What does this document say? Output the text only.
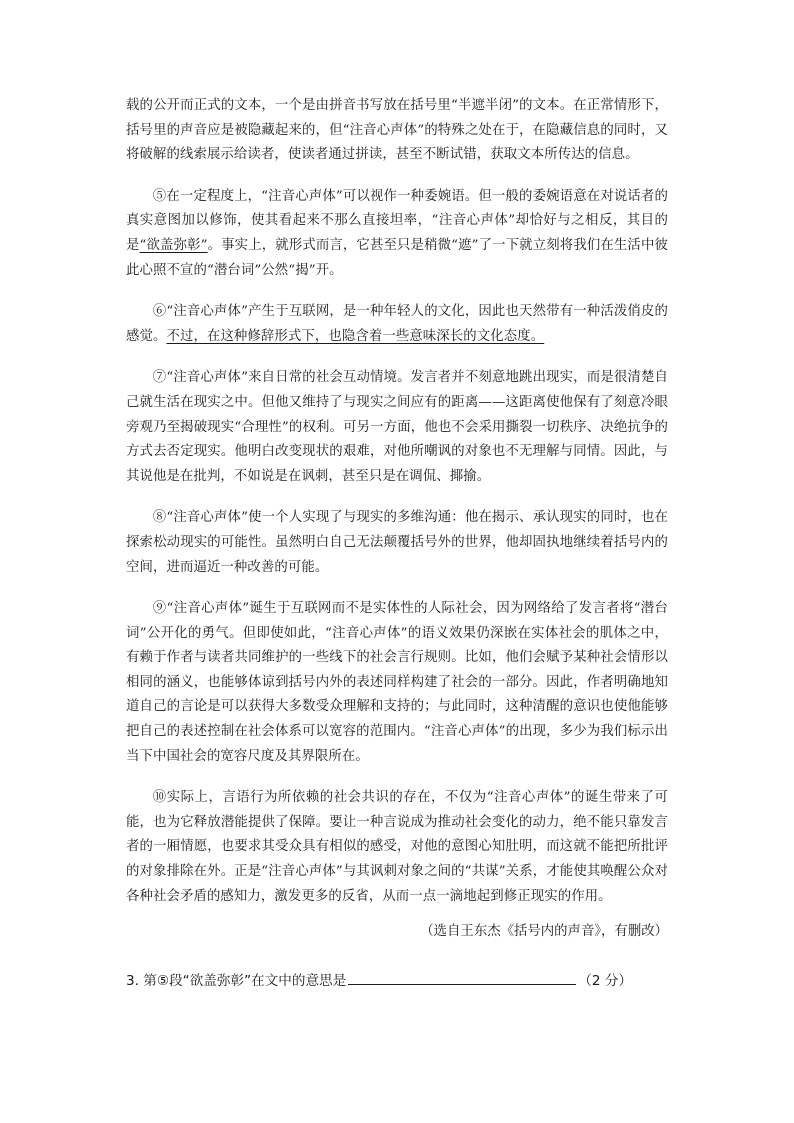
载的公开而正式的文本，一个是由拼音书写放在括号里“半遮半闭”的文本。在正常情形下，括号里的声音应是被隐藏起来的，但“注音心声体”的特殊之处在于，在隐藏信息的同时，又将破解的线索展示给读者，使读者通过拼读，甚至不断试错，获取文本所传达的信息。

⑤在一定程度上，“注音心声体”可以视作一种委婉语。但一般的委婉语意在对说话者的真实意图加以修饰，使其看起来不那么直接坦率，“注音心声体”却恰好与之相反，其目的是“欲盖弥彰”。事实上，就形式而言，它甚至只是稍微“遮”了一下就立刻将我们在生活中彼此心照不宣的“潜台词”公然“揭”开。

⑥“注音心声体”产生于互联网，是一种年轻人的文化，因此也天然带有一种活泼俏皮的感觉。不过，在这种修辞形式下，也隐含着一些意味深长的文化态度。

⑦“注音心声体”来自日常的社会互动情境。发言者并不刻意地跳出现实，而是很清楚自己就生活在现实之中。但他又维持了与现实之间应有的距离——这距离使他保有了刻意冷眼旁观乃至揭破现实“合理性”的权利。可另一方面，他也不会采用撕裂一切秩序、决绝抗争的方式去否定现实。他明白改变现状的艰难，对他所嘲讽的对象也不无理解与同情。因此，与其说他是在批判，不如说是在讽刺，甚至只是在调侃、揶揄。

⑧“注音心声体”使一个人实现了与现实的多维沟通：他在揭示、承认现实的同时，也在探索松动现实的可能性。虽然明白自己无法颠覆括号外的世界，他却固执地继续着括号内的空间，进而逼近一种改善的可能。

⑨“注音心声体”诞生于互联网而不是实体性的人际社会，因为网络给了发言者将“潜台词”公开化的勇气。但即使如此，“注音心声体”的语义效果仍深嵌在实体社会的肌体之中，有赖于作者与读者共同维护的一些线下的社会言行规则。比如，他们会赋予某种社会情形以相同的涵义，也能够体谅到括号内外的表述同样构建了社会的一部分。因此，作者明确地知道自己的言论是可以获得大多数受众理解和支持的；与此同时，这种清醒的意识也使他能够把自己的表述控制在社会体系可以宽容的范围内。“注音心声体”的出现，多少为我们标示出当下中国社会的宽容尺度及其界限所在。

⑩实际上，言语行为所依赖的社会共识的存在，不仅为“注音心声体”的诞生带来了可能，也为它释放潜能提供了保障。要让一种言说成为推动社会变化的动力，绝不能只靠发言者的一厢情愿，也要求其受众具有相似的感受，对他的意图心知肚明，而这就不能把所批评的对象排除在外。正是“注音心声体”与其讽刺对象之间的“共谋”关系，才能使其唤醒公众对各种社会矛盾的感知力，激发更多的反省，从而一点一滴地起到修正现实的作用。

（选自王东杰《括号内的声音》，有删改）

3. 第⑤段“欲盖弥彰”在文中的意思是	（2 分）
